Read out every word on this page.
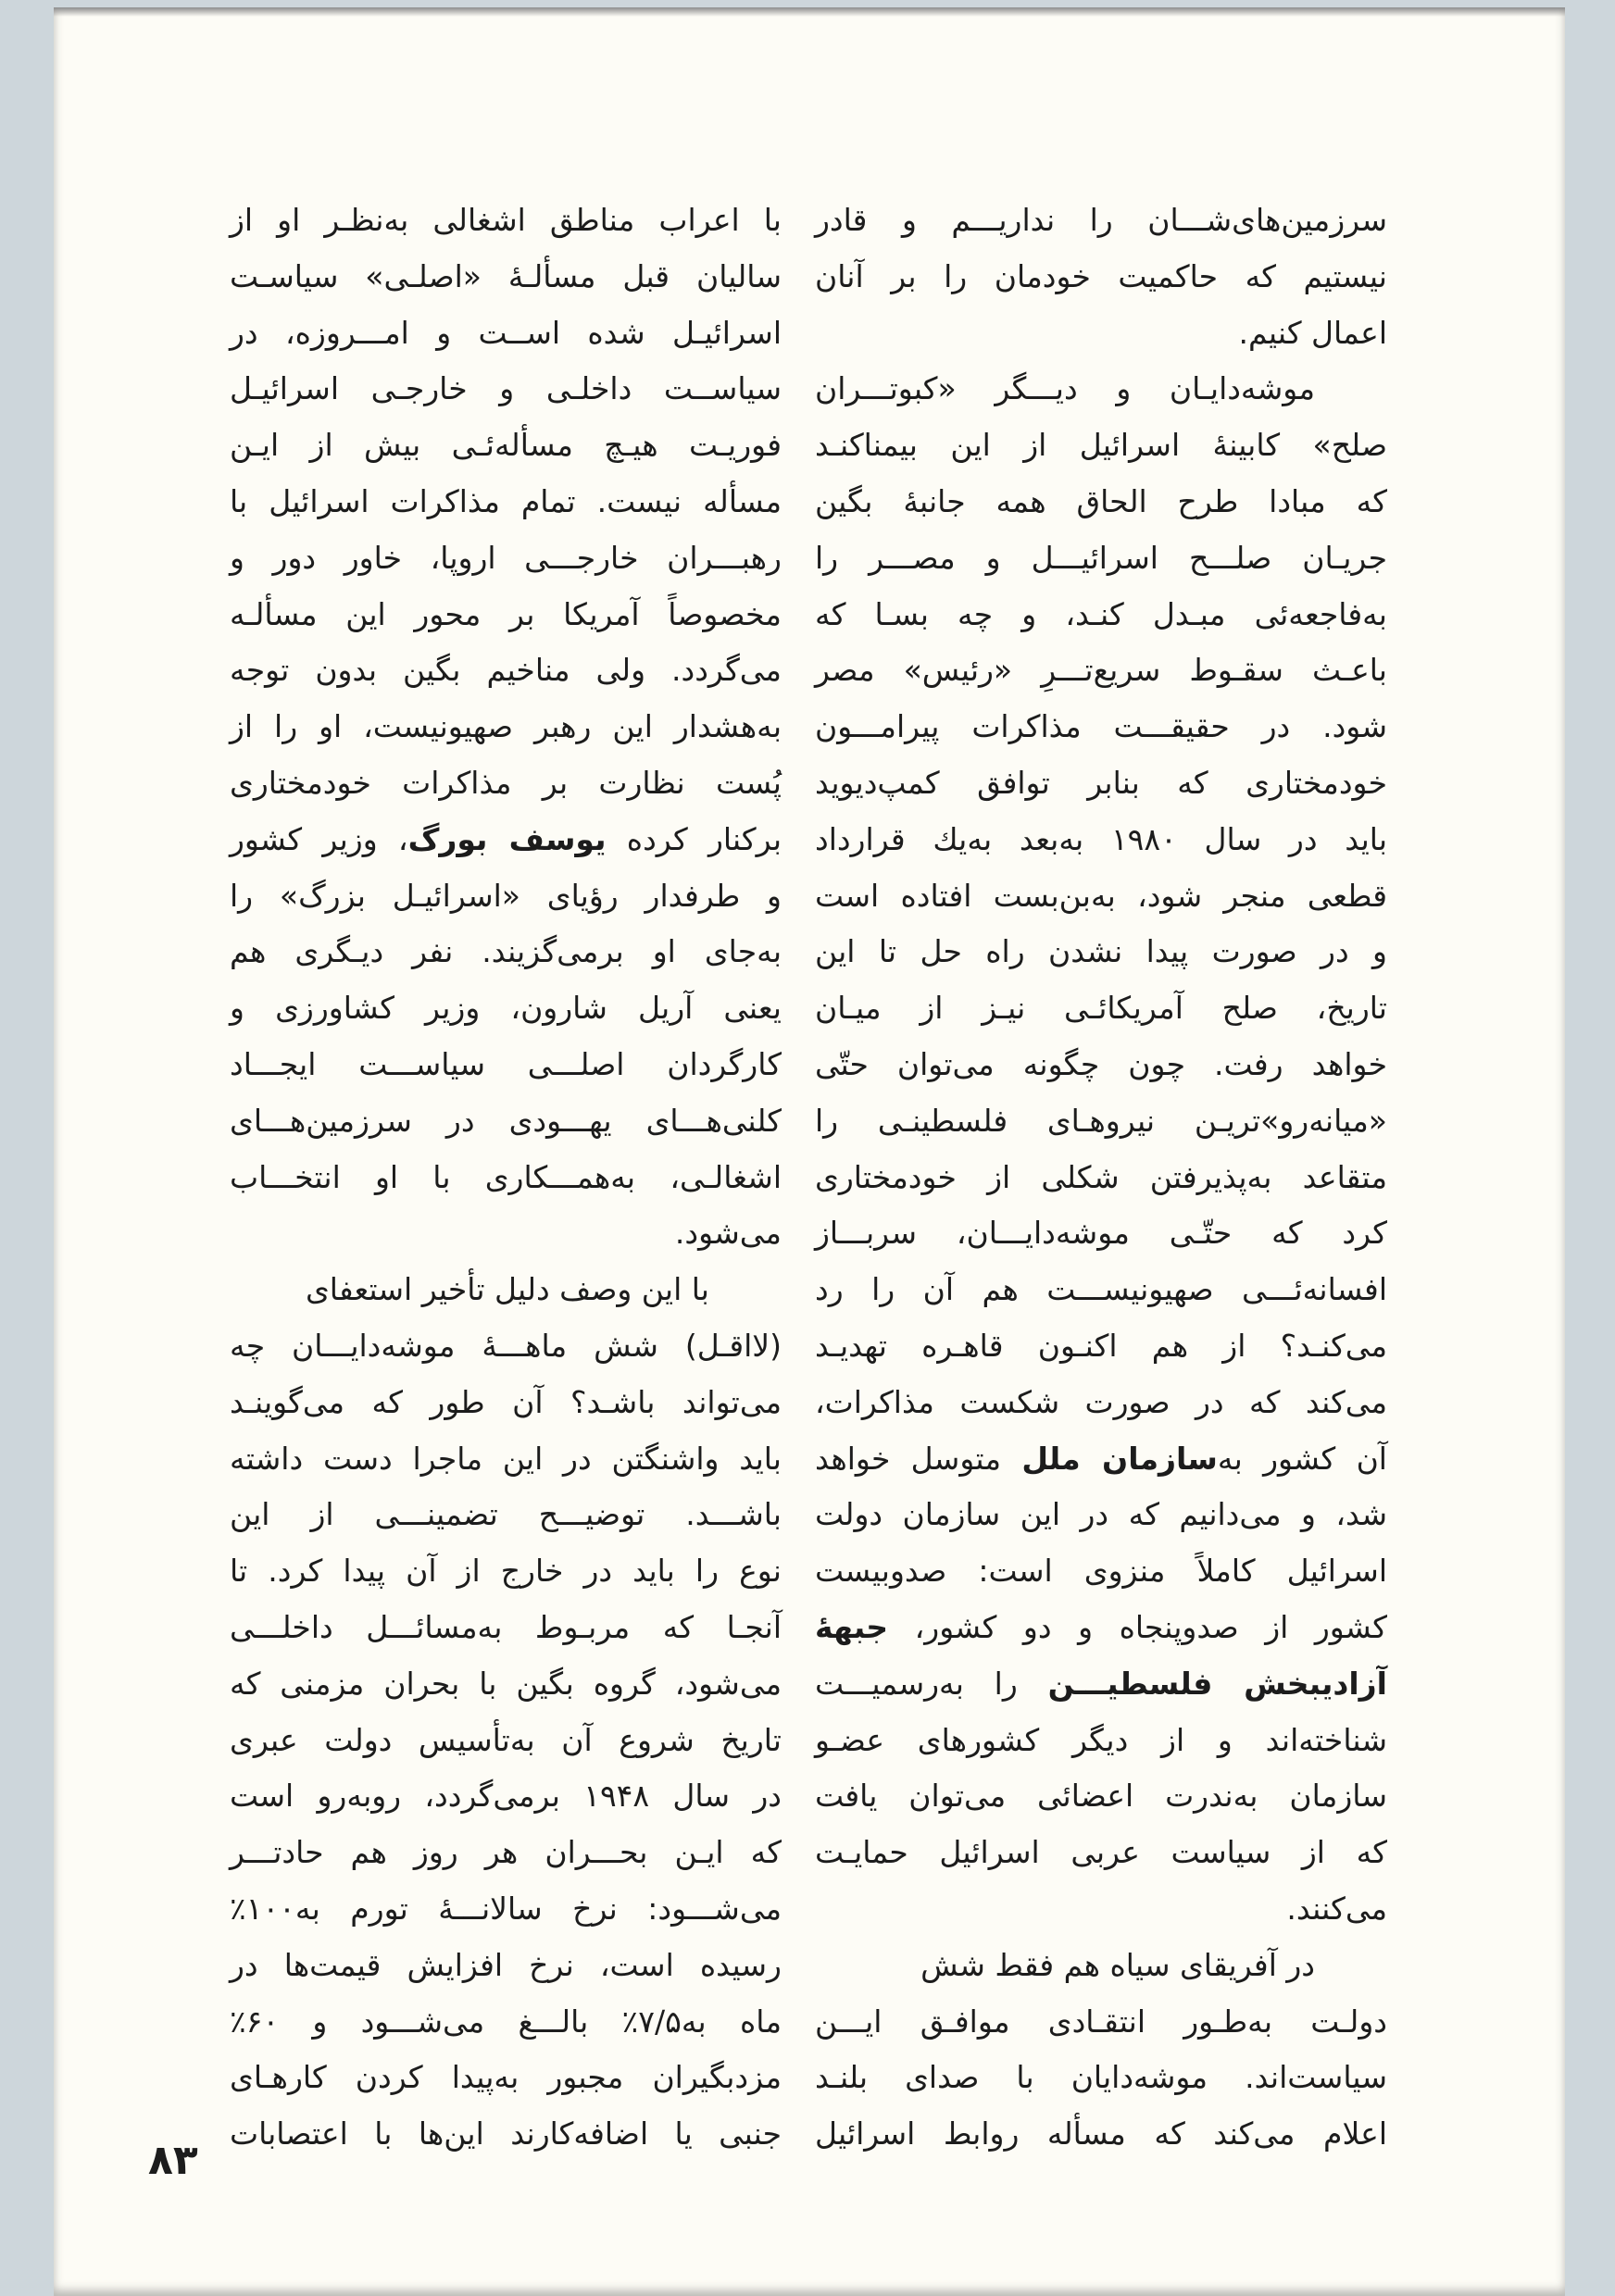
سرزمین‌های‌شـــان را نداریـــم و قادر
نیستیم که حاکمیت خودمان را بر آنان
اعمال کنیم.
موشه‌دایـان و دیـــگر «کبوتـــران
صلح» کابینهٔ اسرائیل از این بیمناکنـد
که مبادا طرح الحاق همه جانبهٔ بگین
جریـان صلـــح اسرائیـــل و مصـــر را
به‌فاجعه‌ئی مبـدل کنـد، و چه بسـا که
باعـث سقـوط سریع‌تـــرِ «رئیس» مصر
شود. در حقیقـــت مذاکرات پیرامـــون
خودمختاری که بنابر توافق کمپ‌دیوید
باید در سال ۱۹۸۰ به‌بعد به‌یك قرارداد
قطعی منجر شود، به‌بن‌بست افتاده است
و در صورت پیدا نشدن راه حل تا این
تاریخ، صلح آمریکائـی نیـز از میـان
خواهد رفت. چون چگونه می‌توان حتّی
«میانه‌رو»تریـن نیروهـای فلسطینـی را
متقاعد به‌پذیرفتن شکلی از خودمختاری
کرد که حتّـی موشه‌دایـــان، سربـــاز
افسانه‌ئـــی صهیونیســـت هم آن را رد
می‌کنـد؟ از هم اکنـون قاهـره تهدیـد
می‌کند که در صورت شکست مذاکرات،
آن کشور به‌سازمان ملل متوسل خواهد
شد، و می‌دانیم که در این سازمان دولت
اسرائیل کاملاً منزوی است: صدوبیست
کشور از صدوپنجاه و دو کشور، جبههٔ
آزادیبخش فلسطیـــن را به‌رسمیـــت
شناخته‌اند و از دیگر کشورهای عضـو
سازمان به‌ندرت اعضائی می‌توان یافت
که از سیاست عربی اسرائیل حمایـت
می‌کنند.
در آفریقای سیاه هم فقط شش
دولـت به‌طـور انتقـادی موافـق ایـــن
سیاست‌اند. موشه‌دایان با صدای بلنـد
اعلام می‌کند که مسأله روابط اسرائیل
با اعراب مناطق اشغالی به‌نظـر او از
سالیان قبل مسألـهٔ «اصلـی» سیاسـت
اسرائیـل شده اســت و امـــروزه، در
سیاســت داخلـی و خارجـی اسرائیـل
فوریـت هیـچ مسأله‌ئـی بیش از ایـن
مسأله نیست. تمام مذاکرات اسرائیل با
رهبـــران خارجـــی اروپا، خاور دور و
مخصوصاً آمریکا بر محور این مسألـه
می‌گردد. ولی مناخیم بگین بدون توجه
به‌هشدار این رهبر صهیونیست، او را از
پُست نظارت بر مذاکرات خودمختاری
برکنار کرده یوسف بورگ، وزیر کشور
و طرفدار رؤیای «اسرائیـل بزرگ» را
به‌جای او برمی‌گزیند. نفر دیـگری هم
یعنی آریل شارون، وزیر کشاورزی و
کارگردان اصلـــی سیاســـت ایجـــاد
کلنی‌هـــای یهـــودی در سرزمین‌هـــای
اشغالـی، به‌همـــکاری با او انتخـــاب
می‌شود.
با این وصف دلیل تأخیر استعفای
(لااقـل) شش ماهـــهٔ موشه‌دایـــان چه
می‌تواند باشـد؟ آن طور که می‌گوینـد
باید واشنگتن در این ماجرا دست داشته
باشـــد. توضیـــح تضمینـــی از این
نوع را باید در خارج از آن پیدا کرد. تا
آنجـا که مربـوط به‌مسائـــل داخلـــی
می‌شود، گروه بگین با بحران مزمنی که
تاریخ شروع آن به‌تأسیس دولت عبری
در سال ۱۹۴۸ برمی‌گردد، روبه‌رو است
که ایـن بحـــران هر روز هم حادتـــر
می‌شـــود: نرخ سالانـــهٔ تورم به‌۱۰۰٪
رسیده است، نرخ افزایش قیمت‌ها در
ماه به‌۷/۵٪ بالـــغ می‌شـــود و ۶۰٪
مزدبگیران مجبور به‌پیدا کردن کارهـای
جنبی یا اضافه‌کارند این‌ها با اعتصابات
۸۳
